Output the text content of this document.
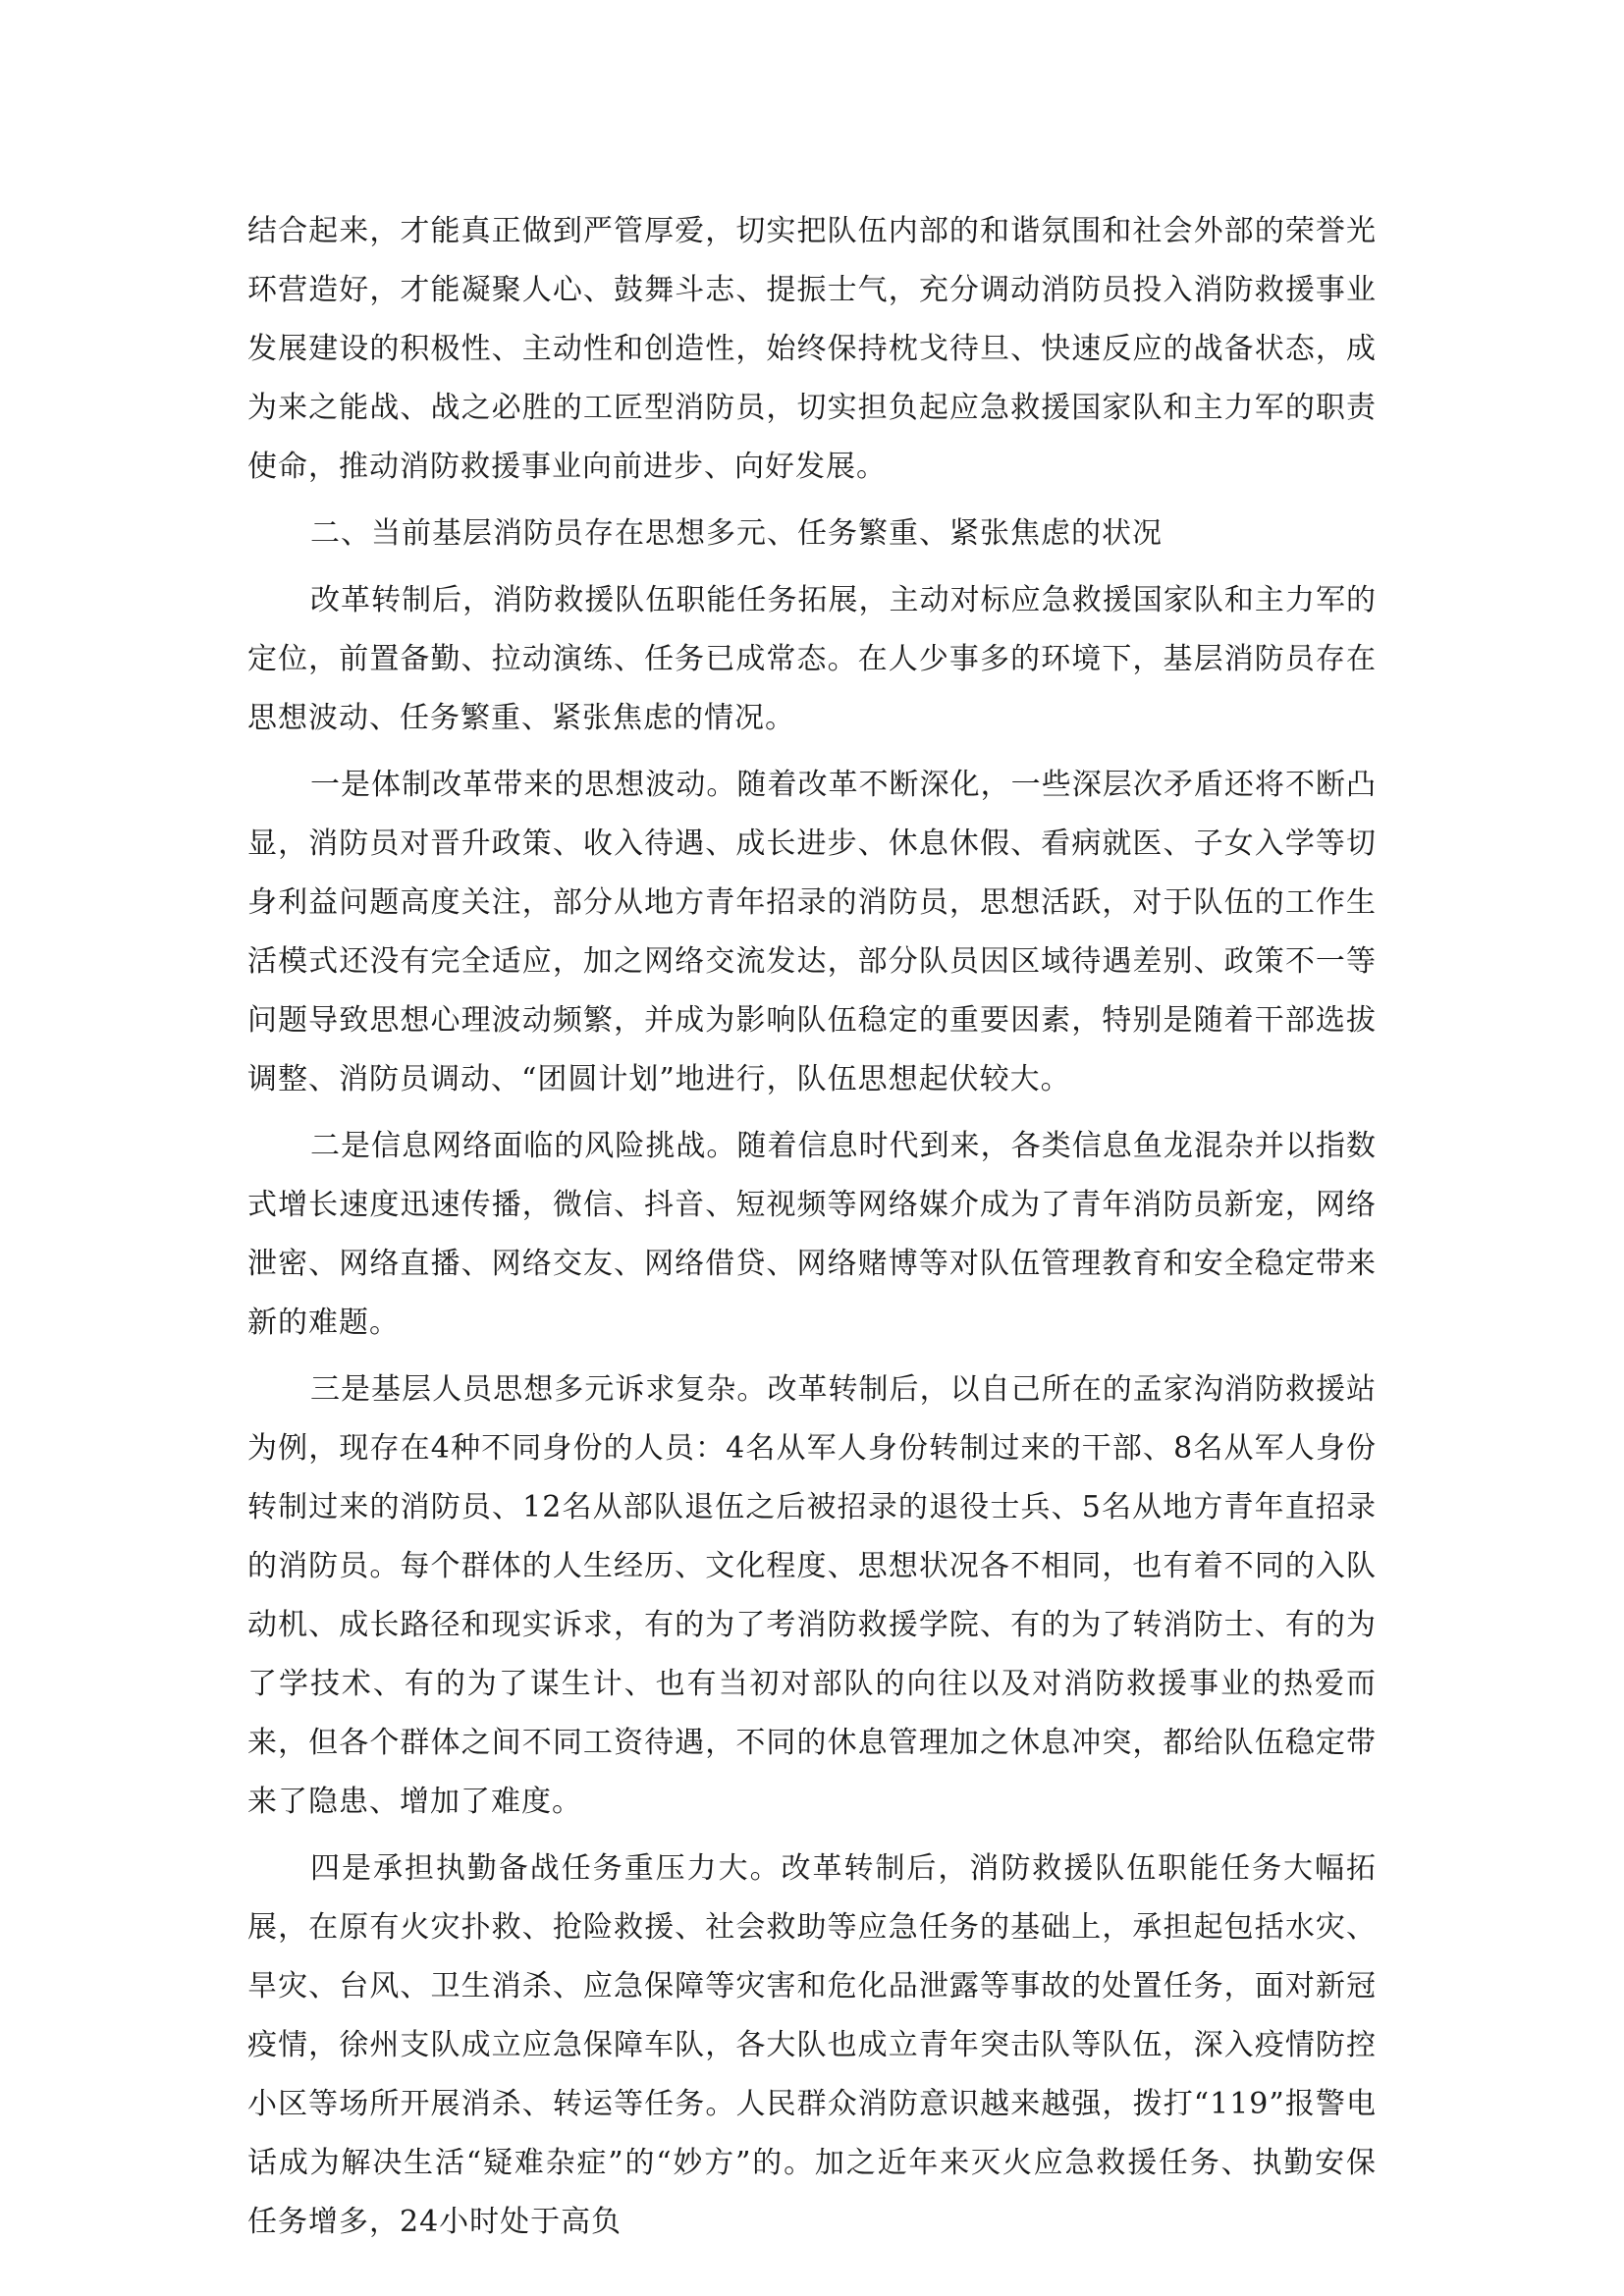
结合起来，才能真正做到严管厚爱，切实把队伍内部的和谐氛围和社会外部的荣誉光环营造好，才能凝聚人心、鼓舞斗志、提振士气，充分调动消防员投入消防救援事业发展建设的积极性、主动性和创造性，始终保持枕戈待旦、快速反应的战备状态，成为来之能战、战之必胜的工匠型消防员，切实担负起应急救援国家队和主力军的职责使命，推动消防救援事业向前进步、向好发展。

二、当前基层消防员存在思想多元、任务繁重、紧张焦虑的状况

改革转制后，消防救援队伍职能任务拓展，主动对标应急救援国家队和主力军的定位，前置备勤、拉动演练、任务已成常态。在人少事多的环境下，基层消防员存在思想波动、任务繁重、紧张焦虑的情况。

一是体制改革带来的思想波动。随着改革不断深化，一些深层次矛盾还将不断凸显，消防员对晋升政策、收入待遇、成长进步、休息休假、看病就医、子女入学等切身利益问题高度关注，部分从地方青年招录的消防员，思想活跃，对于队伍的工作生活模式还没有完全适应，加之网络交流发达，部分队员因区域待遇差别、政策不一等问题导致思想心理波动频繁，并成为影响队伍稳定的重要因素，特别是随着干部选拔调整、消防员调动、“团圆计划”地进行，队伍思想起伏较大。

二是信息网络面临的风险挑战。随着信息时代到来，各类信息鱼龙混杂并以指数式增长速度迅速传播，微信、抖音、短视频等网络媒介成为了青年消防员新宠，网络泄密、网络直播、网络交友、网络借贷、网络赌博等对队伍管理教育和安全稳定带来新的难题。

三是基层人员思想多元诉求复杂。改革转制后，以自己所在的孟家沟消防救援站为例，现存在4种不同身份的人员：4名从军人身份转制过来的干部、8名从军人身份转制过来的消防员、12名从部队退伍之后被招录的退役士兵、5名从地方青年直招录的消防员。每个群体的人生经历、文化程度、思想状况各不相同，也有着不同的入队动机、成长路径和现实诉求，有的为了考消防救援学院、有的为了转消防士、有的为了学技术、有的为了谋生计、也有当初对部队的向往以及对消防救援事业的热爱而来，但各个群体之间不同工资待遇，不同的休息管理加之休息冲突，都给队伍稳定带来了隐患、增加了难度。

四是承担执勤备战任务重压力大。改革转制后，消防救援队伍职能任务大幅拓展，在原有火灾扑救、抢险救援、社会救助等应急任务的基础上，承担起包括水灾、旱灾、台风、卫生消杀、应急保障等灾害和危化品泄露等事故的处置任务，面对新冠疫情，徐州支队成立应急保障车队，各大队也成立青年突击队等队伍，深入疫情防控小区等场所开展消杀、转运等任务。人民群众消防意识越来越强，拨打“119”报警电话成为解决生活“疑难杂症”的“妙方”的。加之近年来灭火应急救援任务、执勤安保任务增多，24小时处于高负
